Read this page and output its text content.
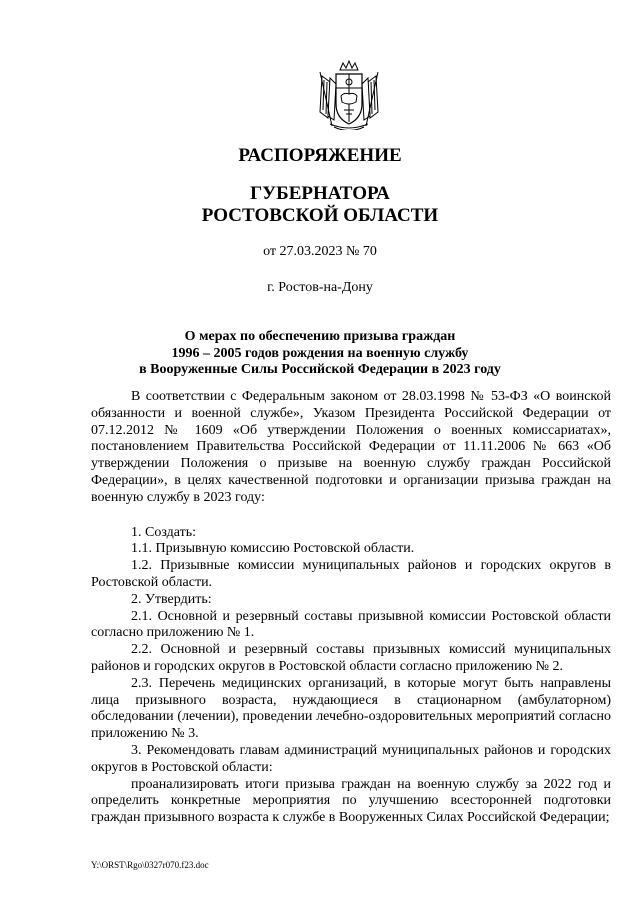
РАСПОРЯЖЕНИЕ
ГУБЕРНАТОРА
РОСТОВСКОЙ ОБЛАСТИ
от 27.03.2023 № 70
г. Ростов-на-Дону
О мерах по обеспечению призыва граждан
1996 – 2005 годов рождения на военную службу
в Вооруженные Силы Российской Федерации в 2023 году

В соответствии с Федеральным законом от 28.03.1998 № 53-ФЗ «О воинской обязанности и военной службе», Указом Президента Российской Федерации от 07.12.2012 № 1609 «Об утверждении Положения о военных комиссариатах», постановлением Правительства Российской Федерации от 11.11.2006 № 663 «Об утверждении Положения о призыве на военную службу граждан Российской Федерации», в целях качественной подготовки и организации призыва граждан на военную службу в 2023 году:

1. Создать:

1.1. Призывную комиссию Ростовской области.

1.2. Призывные комиссии муниципальных районов и городских округов в Ростовской области.

2. Утвердить:

2.1. Основной и резервный составы призывной комиссии Ростовской области согласно приложению № 1.

2.2. Основной и резервный составы призывных комиссий муниципальных районов и городских округов в Ростовской области согласно приложению № 2.

2.3. Перечень медицинских организаций, в которые могут быть направлены лица призывного возраста, нуждающиеся в стационарном (амбулаторном) обследовании (лечении), проведении лечебно-оздоровительных мероприятий согласно приложению № 3.

3. Рекомендовать главам администраций муниципальных районов и городских округов в Ростовской области:

проанализировать итоги призыва граждан на военную службу за 2022 год и определить конкретные мероприятия по улучшению всесторонней подготовки граждан призывного возраста к службе в Вооруженных Силах Российской Федерации;

Y:\ORST\Rgo\0327r070.f23.doc
